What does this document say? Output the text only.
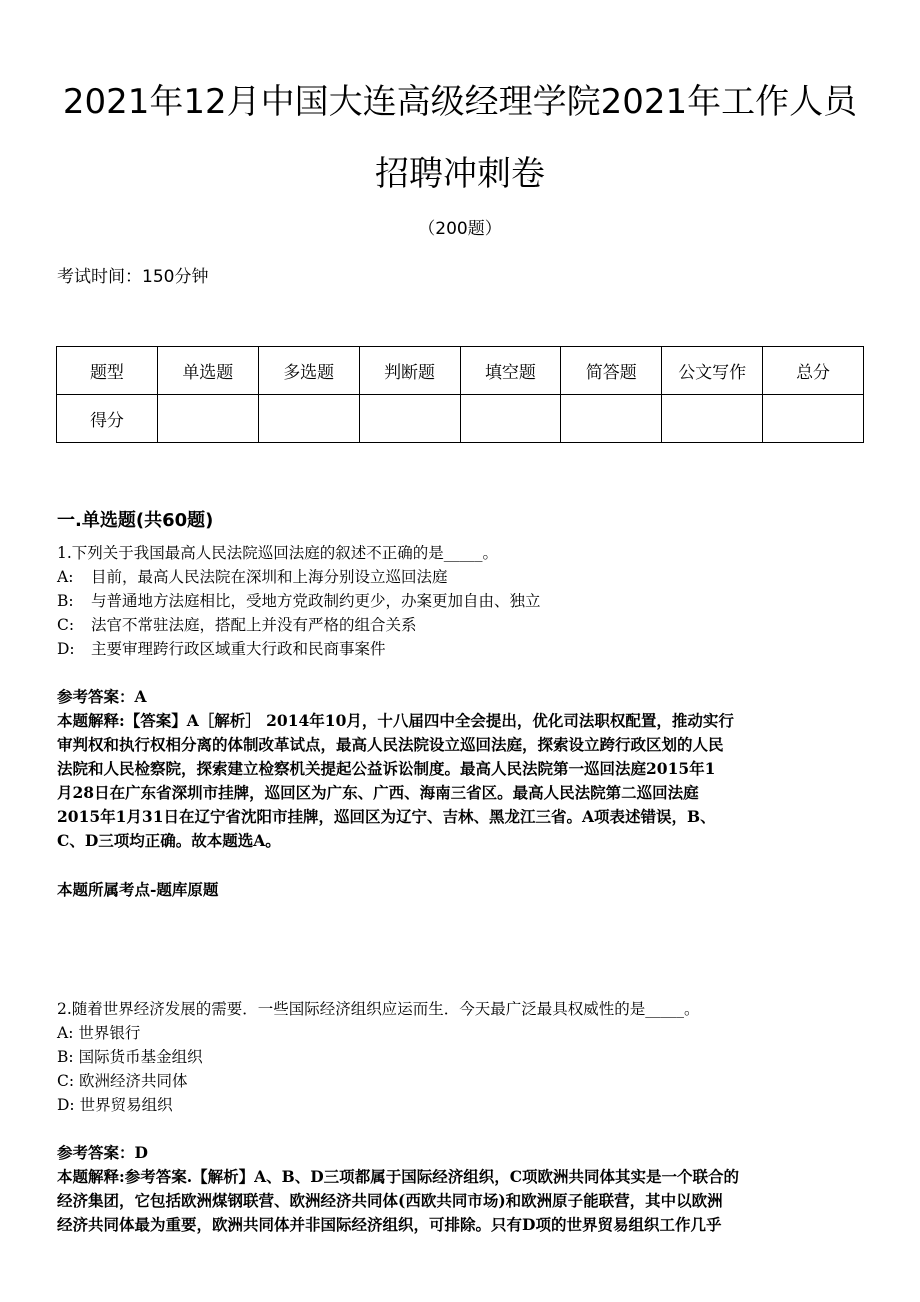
2021年12月中国大连高级经理学院2021年工作人员
招聘冲刺卷
（200题）
考试时间：150分钟
题型	单选题	多选题	判断题	填空题	简答题	公文写作	总分
得分							
一.单选题(共60题)
1.下列关于我国最高人民法院巡回法庭的叙述不正确的是_____。
A: 目前，最高人民法院在深圳和上海分别设立巡回法庭
B: 与普通地方法庭相比，受地方党政制约更少，办案更加自由、独立
C: 法官不常驻法庭，搭配上并没有严格的组合关系
D: 主要审理跨行政区域重大行政和民商事案件
参考答案：A
本题解释:【答案】A［解析］ 2014年10月，十八届四中全会提出，优化司法职权配置，推动实行
审判权和执行权相分离的体制改革试点，最高人民法院设立巡回法庭，探索设立跨行政区划的人民
法院和人民检察院，探索建立检察机关提起公益诉讼制度。最高人民法院第一巡回法庭2015年1
月28日在广东省深圳市挂牌，巡回区为广东、广西、海南三省区。最高人民法院第二巡回法庭
2015年1月31日在辽宁省沈阳市挂牌，巡回区为辽宁、吉林、黑龙江三省。A项表述错误，B、
C、D三项均正确。故本题选A。
本题所属考点-题库原题
2.随着世界经济发展的需要．一些国际经济组织应运而生．今天最广泛最具权威性的是_____。
A: 世界银行
B: 国际货币基金组织
C: 欧洲经济共同体
D: 世界贸易组织
参考答案：D
本题解释:参考答案.【解析】A、B、D三项都属于国际经济组织，C项欧洲共同体其实是一个联合的
经济集团，它包括欧洲煤钢联营、欧洲经济共同体(西欧共同市场)和欧洲原子能联营，其中以欧洲
经济共同体最为重要，欧洲共同体并非国际经济组织，可排除。只有D项的世界贸易组织工作几乎
